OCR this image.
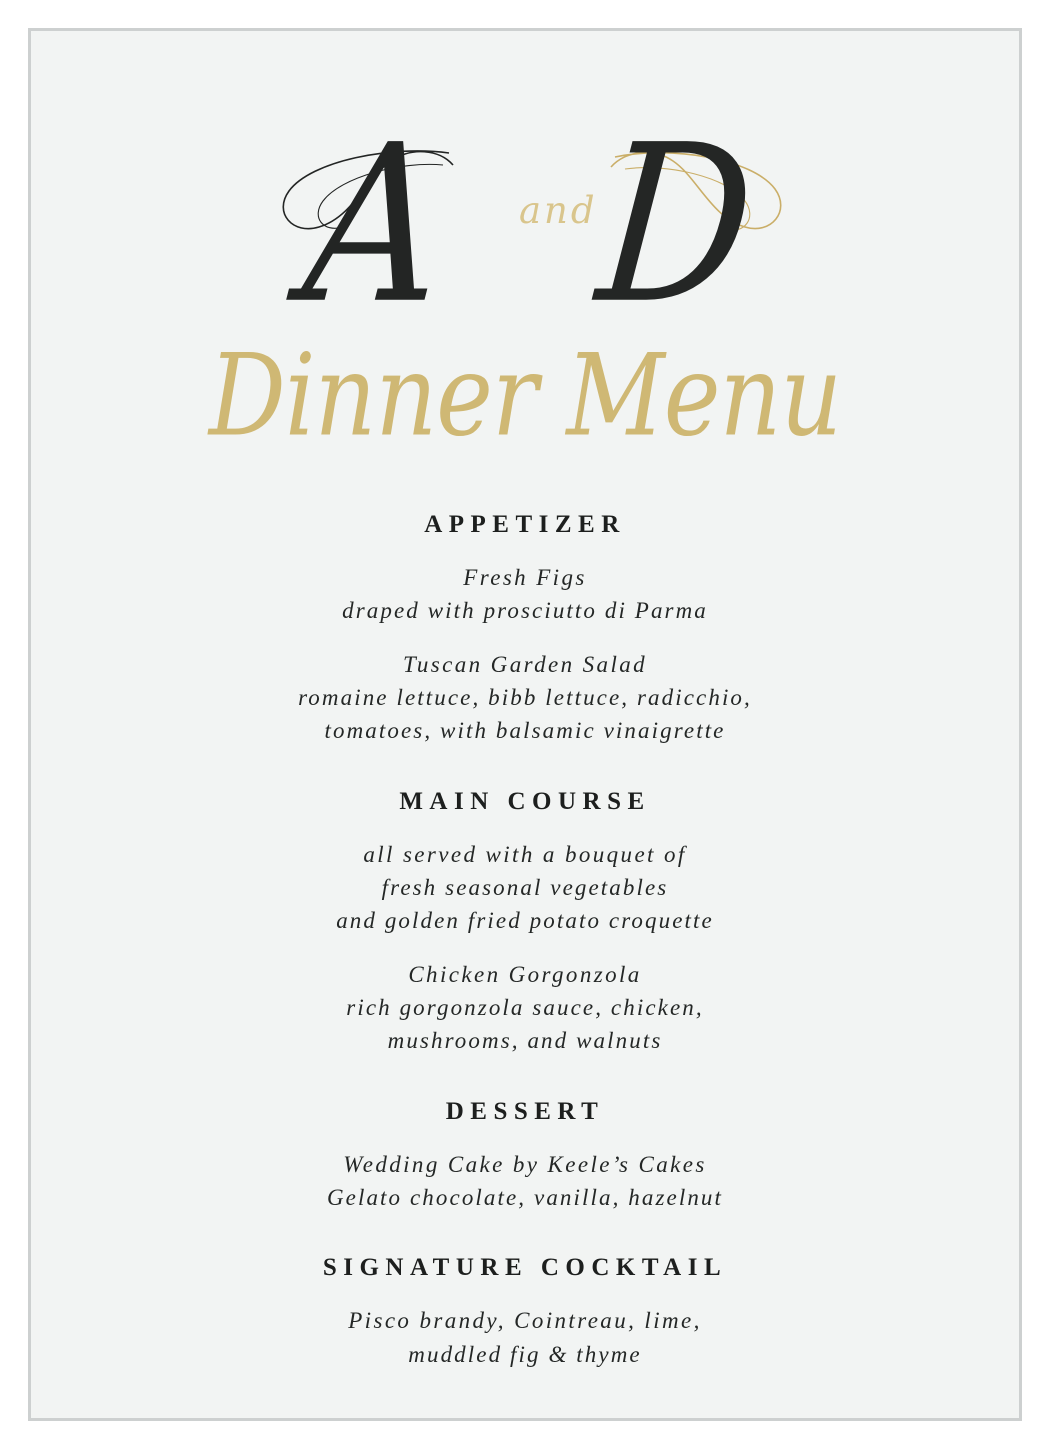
A and
D
Dinner Menu
APPETIZER
Fresh Figs
draped with prosciutto di Parma
Tuscan Garden Salad
romaine lettuce, bibb lettuce, radicchio,
tomatoes, with balsamic vinaigrette
MAIN COURSE
all served with a bouquet of
fresh seasonal vegetables
and golden fried potato croquette
Chicken Gorgonzola
rich gorgonzola sauce, chicken,
mushrooms, and walnuts
DESSERT
Wedding Cake by Keele’s Cakes
Gelato chocolate, vanilla, hazelnut
SIGNATURE COCKTAIL
Pisco brandy, Cointreau, lime,
muddled fig & thyme
